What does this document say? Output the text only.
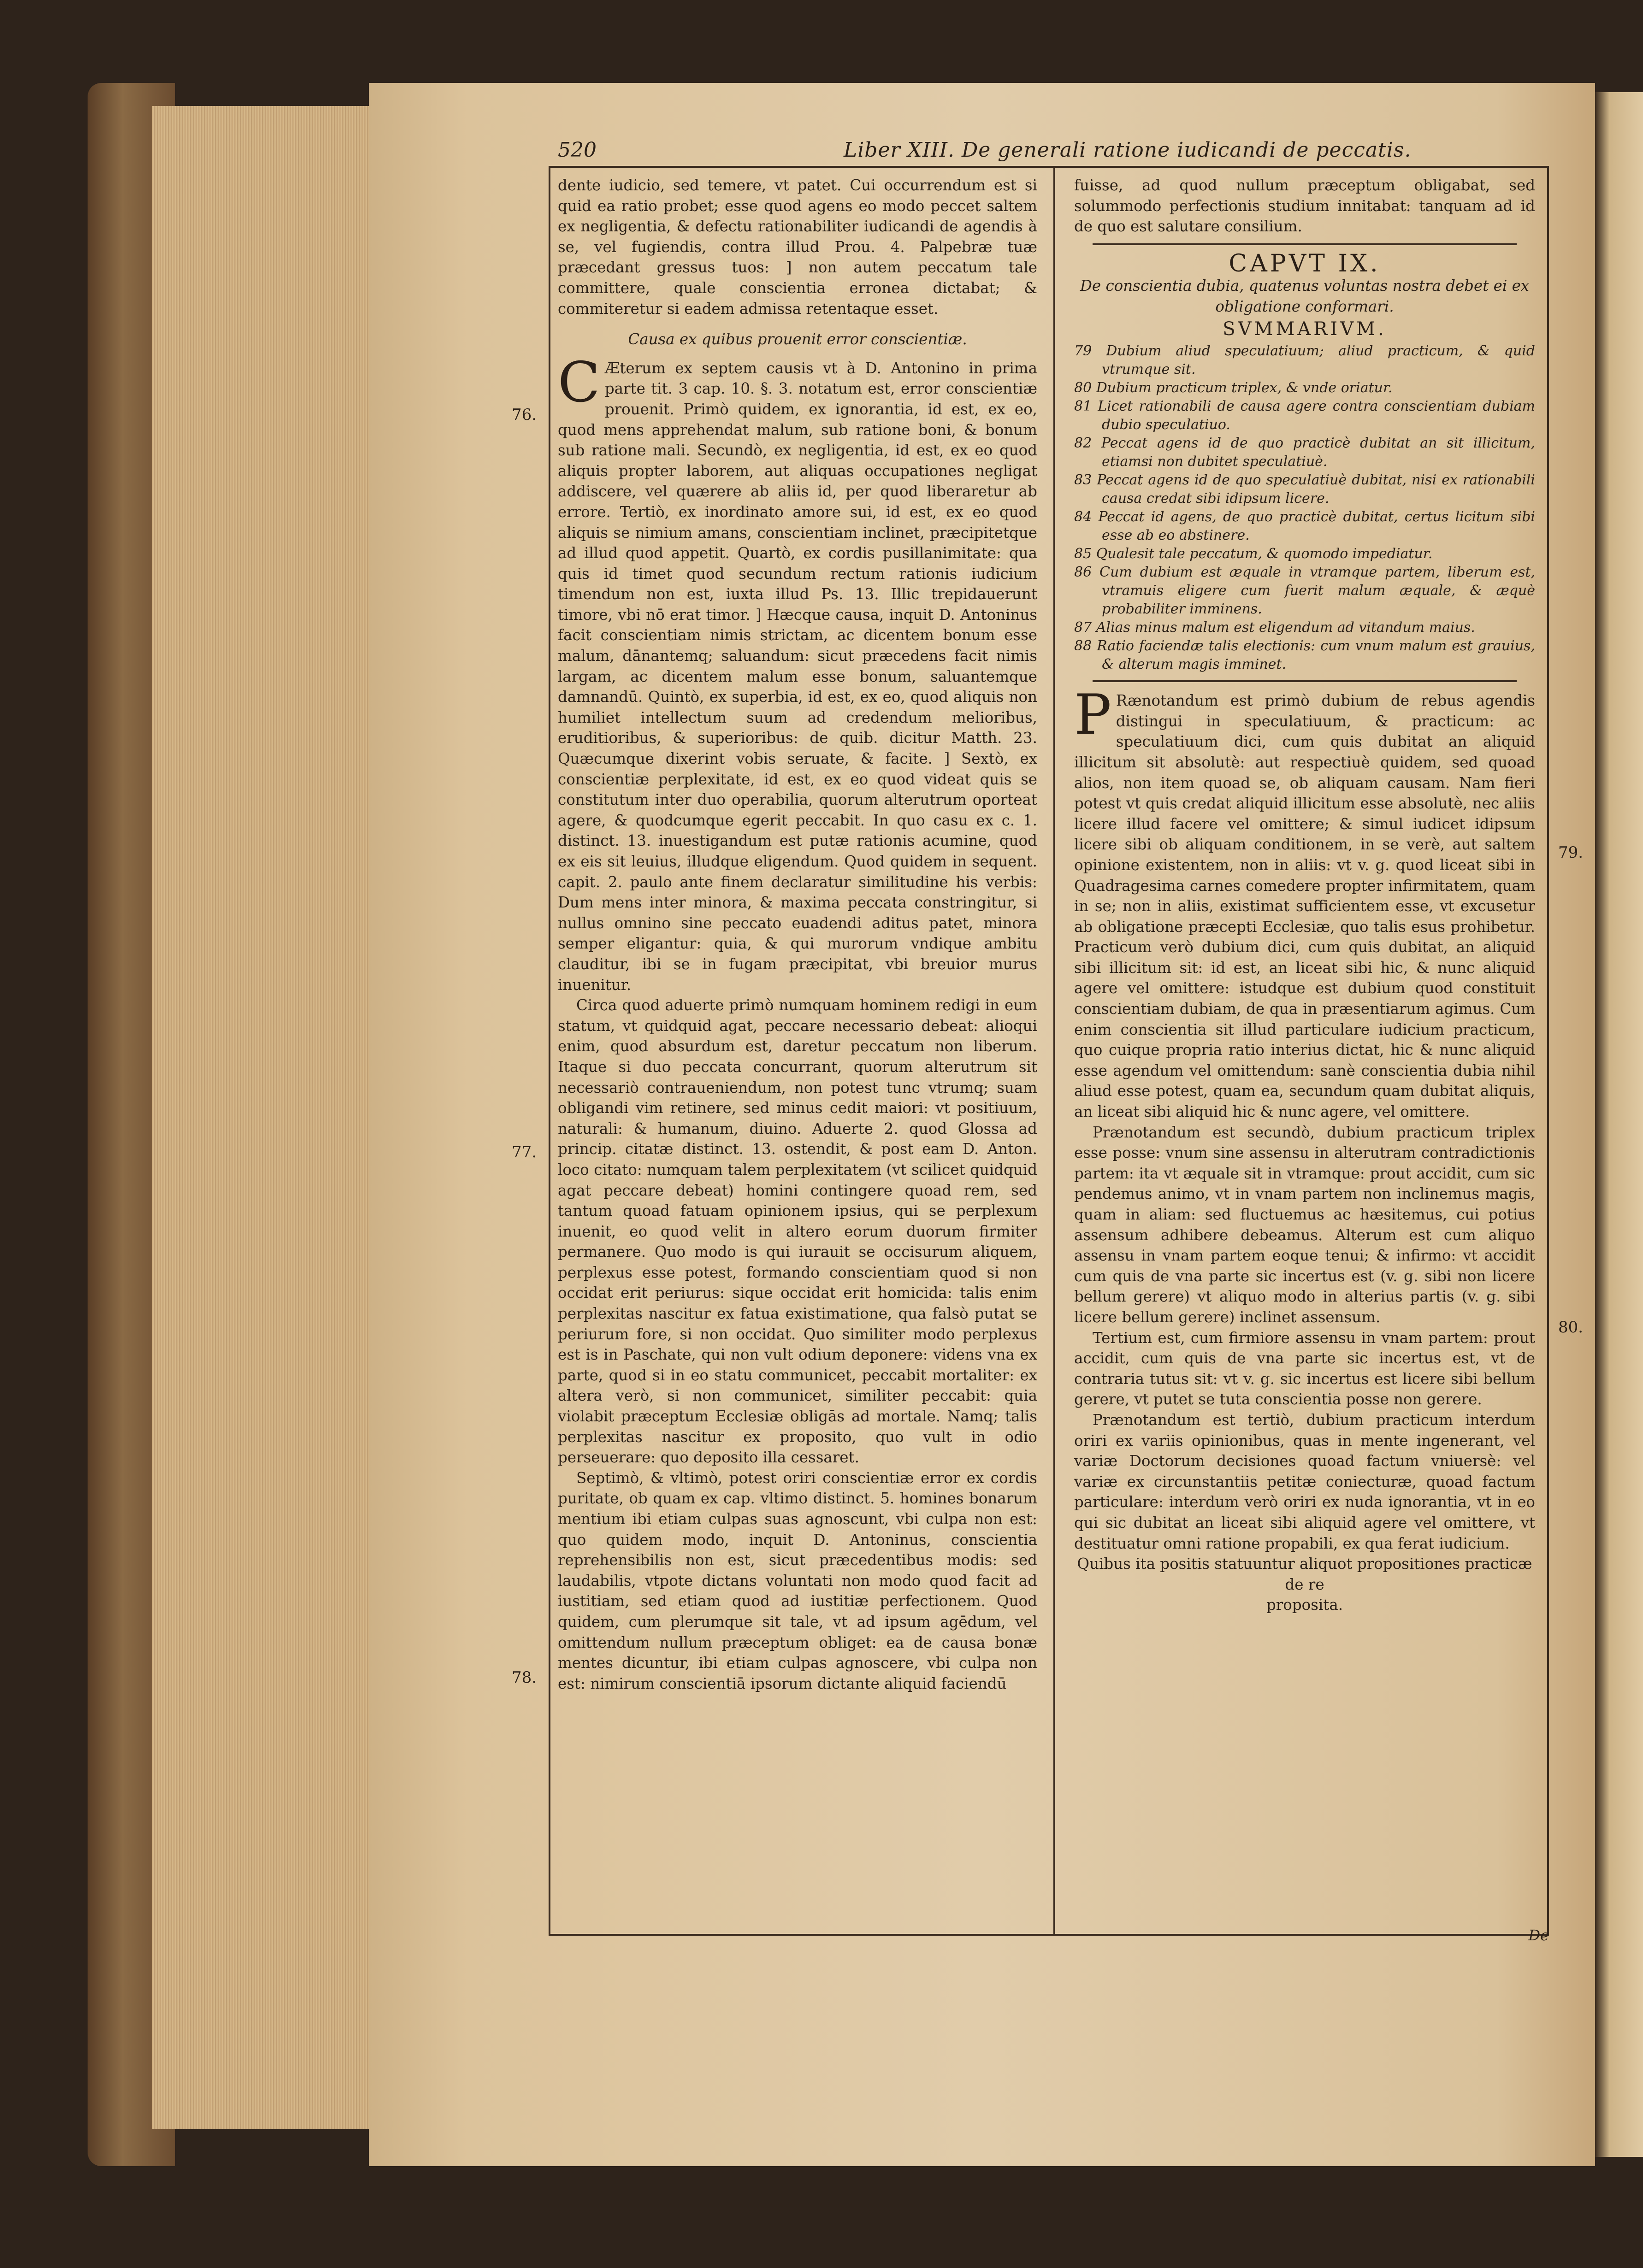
520	Liber XIII. De generali ratione iudicandi de peccatis.

dente iudicio, sed temere, vt patet. Cui occurrendum est si quid ea ratio probet; esse quod agens eo modo peccet saltem ex negligentia, & defectu rationabiliter iudicandi de agendis à se, vel fugiendis, contra illud Prou. 4. Palpebræ tuæ præcedant gressus tuos: ] non autem peccatum tale committere, quale conscientia erronea dictabat; & commiteretur si eadem admissa retentaque esset.

Causa ex quibus prouenit error conscientiæ.

C Æterum ex septem causis vt à D. Antonino in prima parte tit. 3 cap. 10. §. 3. notatum est, error conscientiæ prouenit. Primò quidem, ex ignorantia, id est, ex eo, quod mens apprehendat malum, sub ratione boni, & bonum sub ratione mali. Secundò, ex negligentia, id est, ex eo quod aliquis propter laborem, aut aliquas occupationes negligat addiscere, vel quærere ab aliis id, per quod liberaretur ab errore. Tertiò, ex inordinato amore sui, id est, ex eo quod aliquis se nimium amans, conscientiam inclinet, præcipitetque ad illud quod appetit. Quartò, ex cordis pusillanimitate: qua quis id timet quod secundum rectum rationis iudicium timendum non est, iuxta illud Ps. 13. Illic trepidauerunt timore, vbi nō erat timor. ] Hæcque causa, inquit D. Antoninus facit conscientiam nimis strictam, ac dicentem bonum esse malum, dānantemq; saluandum: sicut præcedens facit nimis largam, ac dicentem malum esse bonum, saluantemque damnandū. Quintò, ex superbia, id est, ex eo, quod aliquis non humiliet intellectum suum ad credendum melioribus, eruditioribus, & superioribus: de quib. dicitur Matth. 23. Quæcumque dixerint vobis seruate, & facite. ] Sextò, ex conscientiæ perplexitate, id est, ex eo quod videat quis se constitutum inter duo operabilia, quorum alterutrum oporteat agere, & quodcumque egerit peccabit. In quo casu ex c. 1. distinct. 13. inuestigandum est putæ rationis acumine, quod ex eis sit leuius, illudque eligendum. Quod quidem in sequent. capit. 2. paulo ante finem declaratur similitudine his verbis: Dum mens inter minora, & maxima peccata constringitur, si nullus omnino sine peccato euadendi aditus patet, minora semper eligantur: quia, & qui murorum vndique ambitu clauditur, ibi se in fugam præcipitat, vbi breuior murus inuenitur.

Circa quod aduerte primò numquam hominem redigi in eum statum, vt quidquid agat, peccare necessario debeat: alioqui enim, quod absurdum est, daretur peccatum non liberum. Itaque si duo peccata concurrant, quorum alterutrum sit necessariò contraueniendum, non potest tunc vtrumq; suam obligandi vim retinere, sed minus cedit maiori: vt positiuum, naturali: & humanum, diuino. Aduerte 2. quod Glossa ad princip. citatæ distinct. 13. ostendit, & post eam D. Anton. loco citato: numquam talem perplexitatem (vt scilicet quidquid agat peccare debeat) homini contingere quoad rem, sed tantum quoad fatuam opinionem ipsius, qui se perplexum inuenit, eo quod velit in altero eorum duorum firmiter permanere. Quo modo is qui iurauit se occisurum aliquem, perplexus esse potest, formando conscientiam quod si non occidat erit periurus: sique occidat erit homicida: talis enim perplexitas nascitur ex fatua existimatione, qua falsò putat se periurum fore, si non occidat. Quo similiter modo perplexus est is in Paschate, qui non vult odium deponere: videns vna ex parte, quod si in eo statu communicet, peccabit mortaliter: ex altera verò, si non communicet, similiter peccabit: quia violabit præceptum Ecclesiæ obligās ad mortale. Namq; talis perplexitas nascitur ex proposito, quo vult in odio perseuerare: quo deposito illa cessaret.

Septimò, & vltimò, potest oriri conscientiæ error ex cordis puritate, ob quam ex cap. vltimo distinct. 5. homines bonarum mentium ibi etiam culpas suas agnoscunt, vbi culpa non est: quo quidem modo, inquit D. Antoninus, conscientia reprehensibilis non est, sicut præcedentibus modis: sed laudabilis, vtpote dictans voluntati non modo quod facit ad iustitiam, sed etiam quod ad iustitiæ perfectionem. Quod quidem, cum plerumque sit tale, vt ad ipsum agēdum, vel omittendum nullum præceptum obliget: ea de causa bonæ mentes dicuntur, ibi etiam culpas agnoscere, vbi culpa non est: nimirum conscientiā ipsorum dictante aliquid faciendū

fuisse, ad quod nullum præceptum obligabat, sed solummodo perfectionis studium innitabat: tanquam ad id de quo est salutare consilium.

CAPVT IX.

De conscientia dubia, quatenus voluntas nostra debet ei ex obligatione conformari.

SVMMARIVM.

79 Dubium aliud speculatiuum; aliud practicum, & quid vtrumque sit.

80 Dubium practicum triplex, & vnde oriatur.

81 Licet rationabili de causa agere contra conscientiam dubiam dubio speculatiuo.

82 Peccat agens id de quo practicè dubitat an sit illicitum, etiamsi non dubitet speculatiuè.

83 Peccat agens id de quo speculatiuè dubitat, nisi ex rationabili causa credat sibi idipsum licere.

84 Peccat id agens, de quo practicè dubitat, certus licitum sibi esse ab eo abstinere.

85 Qualesit tale peccatum, & quomodo impediatur.

86 Cum dubium est æquale in vtramque partem, liberum est, vtramuis eligere cum fuerit malum æquale, & æquè probabiliter imminens.

87 Alias minus malum est eligendum ad vitandum maius.

88 Ratio faciendæ talis electionis: cum vnum malum est grauius, & alterum magis imminet.

P Rænotandum est primò dubium de rebus agendis distingui in speculatiuum, & practicum: ac speculatiuum dici, cum quis dubitat an aliquid illicitum sit absolutè: aut respectiuè quidem, sed quoad alios, non item quoad se, ob aliquam causam. Nam fieri potest vt quis credat aliquid illicitum esse absolutè, nec aliis licere illud facere vel omittere; & simul iudicet idipsum licere sibi ob aliquam conditionem, in se verè, aut saltem opinione existentem, non in aliis: vt v. g. quod liceat sibi in Quadragesima carnes comedere propter infirmitatem, quam in se; non in aliis, existimat sufficientem esse, vt excusetur ab obligatione præcepti Ecclesiæ, quo talis esus prohibetur. Practicum verò dubium dici, cum quis dubitat, an aliquid sibi illicitum sit: id est, an liceat sibi hic, & nunc aliquid agere vel omittere: istudque est dubium quod constituit conscientiam dubiam, de qua in præsentiarum agimus. Cum enim conscientia sit illud particulare iudicium practicum, quo cuique propria ratio interius dictat, hic & nunc aliquid esse agendum vel omittendum: sanè conscientia dubia nihil aliud esse potest, quam ea, secundum quam dubitat aliquis, an liceat sibi aliquid hic & nunc agere, vel omittere.

Prænotandum est secundò, dubium practicum triplex esse posse: vnum sine assensu in alterutram contradictionis partem: ita vt æquale sit in vtramque: prout accidit, cum sic pendemus animo, vt in vnam partem non inclinemus magis, quam in aliam: sed fluctuemus ac hæsitemus, cui potius assensum adhibere debeamus. Alterum est cum aliquo assensu in vnam partem eoque tenui; & infirmo: vt accidit cum quis de vna parte sic incertus est (v. g. sibi non licere bellum gerere) vt aliquo modo in alterius partis (v. g. sibi licere bellum gerere) inclinet assensum.

Tertium est, cum firmiore assensu in vnam partem: prout accidit, cum quis de vna parte sic incertus est, vt de contraria tutus sit: vt v. g. sic incertus est licere sibi bellum gerere, vt putet se tuta conscientia posse non gerere.

Prænotandum est tertiò, dubium practicum interdum oriri ex variis opinionibus, quas in mente ingenerant, vel variæ Doctorum decisiones quoad factum vniuersè: vel variæ ex circunstantiis petitæ coniecturæ, quoad factum particulare: interdum verò oriri ex nuda ignorantia, vt in eo qui sic dubitat an liceat sibi aliquid agere vel omittere, vt destituatur omni ratione propabili, ex qua ferat iudicium.

Quibus ita positis statuuntur aliquot propositiones practicæ de re

proposita.

De
76.
77.
78.
79.
80.
